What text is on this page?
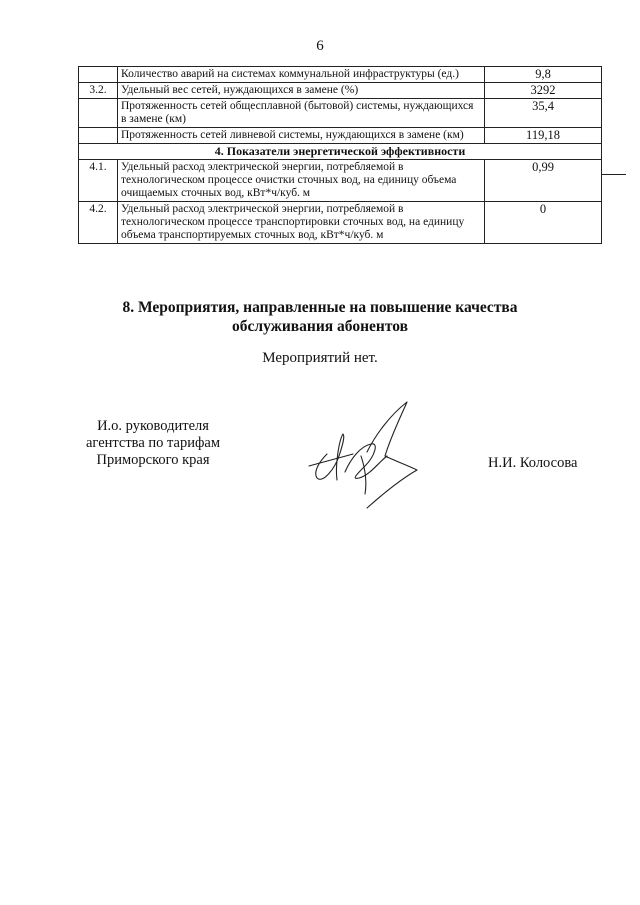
6
	Количество аварий на системах коммунальной инфраструктуры (ед.)	9,8
3.2.	Удельный вес сетей, нуждающихся в замене (%)	3292
	Протяженность сетей общесплавной (бытовой) системы, нуждающихся в замене (км)	35,4
	Протяженность сетей ливневой системы, нуждающихся в замене (км)	119,18
4. Показатели энергетической эффективности		
4.1.	Удельный расход электрической энергии, потребляемой в технологическом процессе очистки сточных вод, на единицу объема очищаемых сточных вод, кВт*ч/куб. м	0,99
4.2.	Удельный расход электрической энергии, потребляемой в технологическом процессе транспортировки сточных вод, на единицу объема транспортируемых сточных вод, кВт*ч/куб. м	0
8. Мероприятия, направленные на повышение качества
обслуживания абонентов
Мероприятий нет.
И.о. руководителя
агентства по тарифам
Приморского края	Н.И. Колосова
